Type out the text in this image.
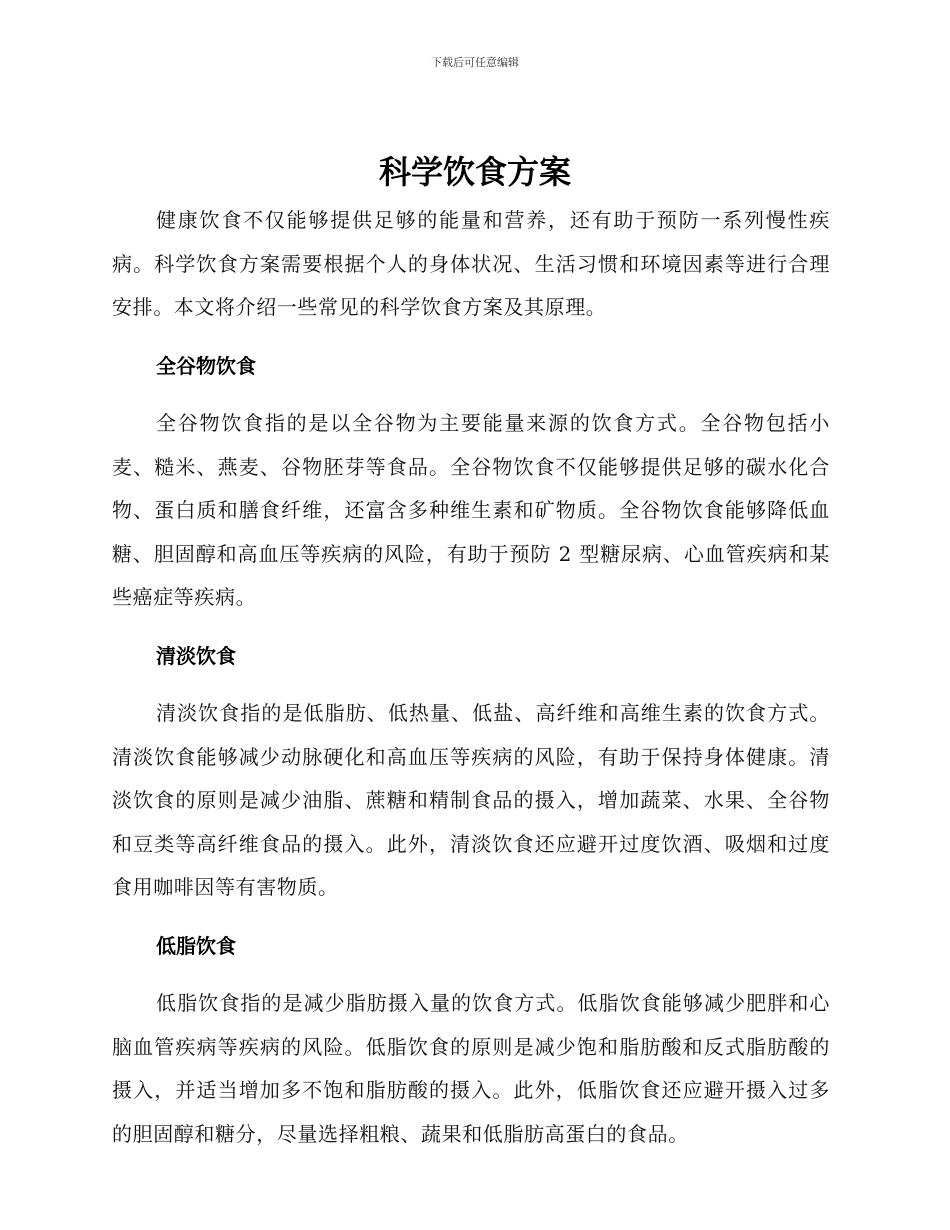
下载后可任意编辑
科学饮食方案

健康饮食不仅能够提供足够的能量和营养，还有助于预防一系列慢性疾病。科学饮食方案需要根据个人的身体状况、生活习惯和环境因素等进行合理安排。本文将介绍一些常见的科学饮食方案及其原理。

全谷物饮食

全谷物饮食指的是以全谷物为主要能量来源的饮食方式。全谷物包括小麦、糙米、燕麦、谷物胚芽等食品。全谷物饮食不仅能够提供足够的碳水化合物、蛋白质和膳食纤维，还富含多种维生素和矿物质。全谷物饮食能够降低血糖、胆固醇和高血压等疾病的风险，有助于预防 2 型糖尿病、心血管疾病和某些癌症等疾病。

清淡饮食

清淡饮食指的是低脂肪、低热量、低盐、高纤维和高维生素的饮食方式。清淡饮食能够减少动脉硬化和高血压等疾病的风险，有助于保持身体健康。清淡饮食的原则是减少油脂、蔗糖和精制食品的摄入，增加蔬菜、水果、全谷物和豆类等高纤维食品的摄入。此外，清淡饮食还应避开过度饮酒、吸烟和过度食用咖啡因等有害物质。

低脂饮食

低脂饮食指的是减少脂肪摄入量的饮食方式。低脂饮食能够减少肥胖和心脑血管疾病等疾病的风险。低脂饮食的原则是减少饱和脂肪酸和反式脂肪酸的摄入，并适当增加多不饱和脂肪酸的摄入。此外，低脂饮食还应避开摄入过多的胆固醇和糖分，尽量选择粗粮、蔬果和低脂肪高蛋白的食品。
